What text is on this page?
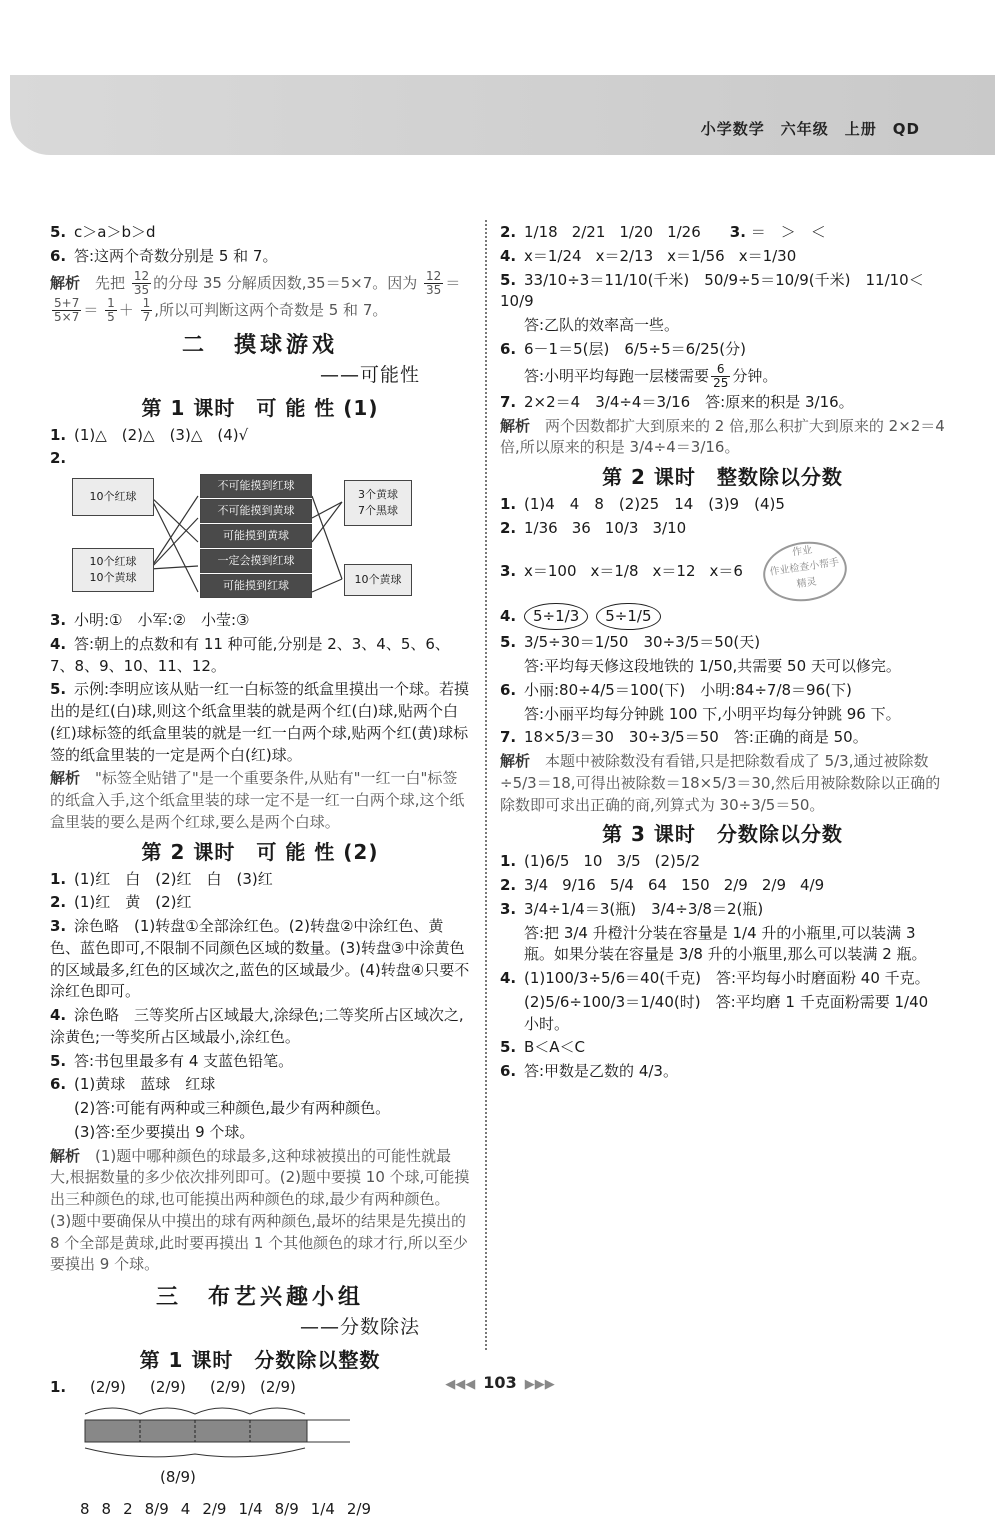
小学数学　六年级　上册　QD
5. c＞a＞b＞d
6. 答:这两个奇数分别是 5 和 7。
解析　 先把 $\frac{12}{35}$ 的分母 35 分解质因数,35＝5×7。因为 $\frac{12}{35}$ ＝
$\frac{5+7}{5\times 7} = \frac{1}{5} + \frac{1}{7}$ ,所以可判断这两个奇数是 5 和 7。
二　摸球游戏
——可能性
第 1 课时　可 能 性 (1)
1. (1)△　(2)△　(3)△　(4)√
2.
10个红球
10个红球
10个黄球
不可能摸到红球
不可能摸到黄球
可能摸到黄球
一定会摸到红球
可能摸到红球
3个黄球
7个黑球
10个黄球
3. 小明:①　小军:②　小莹:③
4. 答:朝上的点数和有 11 种可能,分别是 2、3、4、5、6、7、8、9、10、11、12。
5. 示例:李明应该从贴一红一白标签的纸盒里摸出一个球。若摸出的是红(白)球,则这个纸盒里装的就是两个红(白)球,贴两个白(红)球标签的纸盒里装的就是一红一白两个球,贴两个红(黄)球标签的纸盒里装的一定是两个白(红)球。
解析　 "标签全贴错了"是一个重要条件,从贴有"一红一白"标签的纸盒入手,这个纸盒里装的球一定不是一红一白两个球,这个纸盒里装的要么是两个红球,要么是两个白球。
第 2 课时　可 能 性 (2)
1. (1)红　白　(2)红　白　(3)红
2. (1)红　黄　(2)红
3. 涂色略　(1)转盘①全部涂红色。(2)转盘②中涂红色、黄色、蓝色即可,不限制不同颜色区域的数量。(3)转盘③中涂黄色的区域最多,红色的区域次之,蓝色的区域最少。(4)转盘④只要不涂红色即可。
4. 涂色略　三等奖所占区域最大,涂绿色;二等奖所占区域次之,涂黄色;一等奖所占区域最小,涂红色。
5. 答:书包里最多有 4 支蓝色铅笔。
6. (1)黄球　蓝球　红球
(2)答:可能有两种或三种颜色,最少有两种颜色。
(3)答:至少要摸出 9 个球。
解析　 (1)题中哪种颜色的球最多,这种球被摸出的可能性就最大,根据数量的多少依次排列即可。(2)题中要摸 10 个球,可能摸出三种颜色的球,也可能摸出两种颜色的球,最少有两种颜色。(3)题中要确保从中摸出的球有两种颜色,最坏的结果是先摸出的 8 个全部是黄球,此时要再摸出 1 个其他颜色的球才行,所以至少要摸出 9 个球。
三　布艺兴趣小组
——分数除法
第 1 课时　分数除以整数
1.	(2/9) (2/9) (2/9) (2/9)
(8/9)
8 8 2 8/9 4 2/9 1/4 8/9 1/4 2/9
2. 1/18 2/21 1/20 1/26　 3. ＝　＞　＜
4. x＝1/24 x＝2/13 x＝1/56 x＝1/30
5. 33/10÷3＝11/10(千米)　 50/9÷5＝10/9(千米)　 11/10＜10/9
答:乙队的效率高一些。
6. 6－1＝5(层)　 6/5÷5＝6/25(分)
答:小明平均每跑一层楼需要 $\frac{6}{25}$ 分钟。
7. 2×2＝4　 3/4÷4＝3/16　 答:原来的积是 3/16。
解析　 两个因数都扩大到原来的 2 倍,那么积扩大到原来的 2×2＝4 倍,所以原来的积是 3/4÷4＝3/16。
第 2 课时　整数除以分数
1. (1)4　4　8　(2)25　14　(3)9　(4)5
2. 1/36 36 10/3 3/10
3. x＝100 x＝1/8 x＝12 x＝6作业
作业检查小帮手
精灵
4. 5÷1/3 5÷1/5
5. 3/5÷30＝1/50　 30÷3/5＝50(天)
答:平均每天修这段地铁的 1/50,共需要 50 天可以修完。
6. 小丽:80÷4/5＝100(下)　 小明:84÷7/8＝96(下)
答:小丽平均每分钟跳 100 下,小明平均每分钟跳 96 下。
7. 18×5/3＝30　 30÷3/5＝50　 答:正确的商是 50。
解析　 本题中被除数没有看错,只是把除数看成了 5/3,通过被除数÷5/3＝18,可得出被除数＝18×5/3＝30,然后用被除数除以正确的除数即可求出正确的商,列算式为 30÷3/5＝50。
第 3 课时　分数除以分数
1. (1)6/5 10 3/5 (2)5/2
2. 3/4 9/16 5/4 64 150 2/9 2/9 4/9
3. 3/4÷1/4＝3(瓶)　 3/4÷3/8＝2(瓶)
答:把 3/4 升橙汁分装在容量是 1/4 升的小瓶里,可以装满 3 瓶。如果分装在容量是 3/8 升的小瓶里,那么可以装满 2 瓶。
4. (1)100/3÷5/6＝40(千克)　答:平均每小时磨面粉 40 千克。
(2)5/6÷100/3＝1/40(时)　答:平均磨 1 千克面粉需要 1/40 小时。
5. B＜A＜C
6. 答:甲数是乙数的 4/3。
◀◀◀ 103 ▶▶▶
